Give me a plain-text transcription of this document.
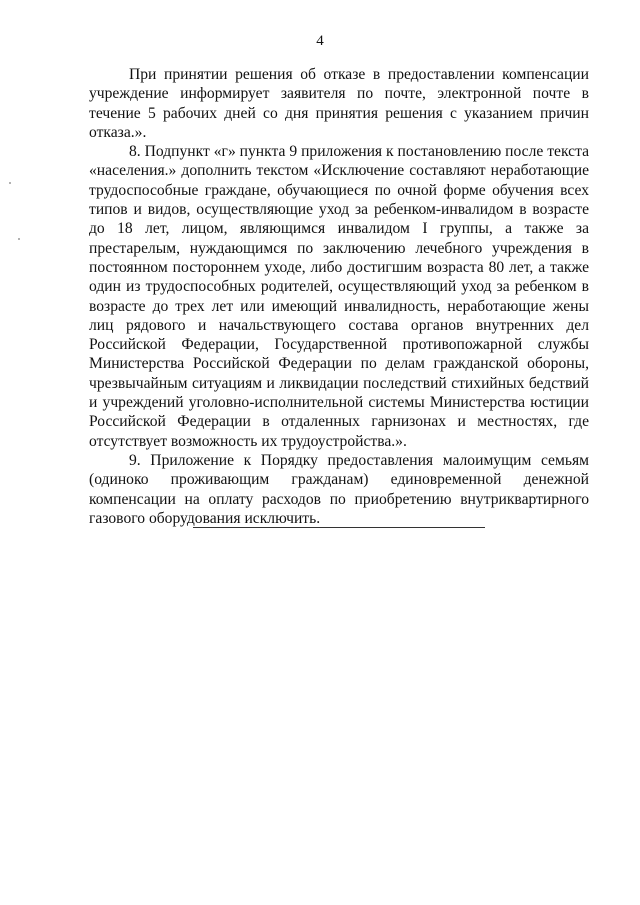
4

При принятии решения об отказе в предоставлении компенсации учреждение информирует заявителя по почте, электронной почте в течение 5 рабочих дней со дня принятия решения с указанием причин отказа.».

8. Подпункт «г» пункта 9 приложения к постановлению после текста «населения.» дополнить текстом «Исключение составляют неработающие трудоспособные граждане, обучающиеся по очной форме обучения всех типов и видов, осуществляющие уход за ребенком-инвалидом в возрасте до 18 лет, лицом, являющимся инвалидом I группы, а также за престарелым, нуждающимся по заключению лечебного учреждения в постоянном постороннем уходе, либо достигшим возраста 80 лет, а также один из трудоспособных родителей, осуществляющий уход за ребенком в возрасте до трех лет или имеющий инвалидность, неработающие жены лиц рядового и начальствующего состава органов внутренних дел Российской Федерации, Государственной противопожарной службы Министерства Российской Федерации по делам гражданской обороны, чрезвычайным ситуациям и ликвидации последствий стихийных бедствий и учреждений уголовно-исполнительной системы Министерства юстиции Российской Федерации в отдаленных гарнизонах и местностях, где отсутствует возможность их трудоустройства.».

9. Приложение к Порядку предоставления малоимущим семьям (одиноко проживающим гражданам) единовременной денежной компенсации на оплату расходов по приобретению внутриквартирного газового оборудования исключить.
